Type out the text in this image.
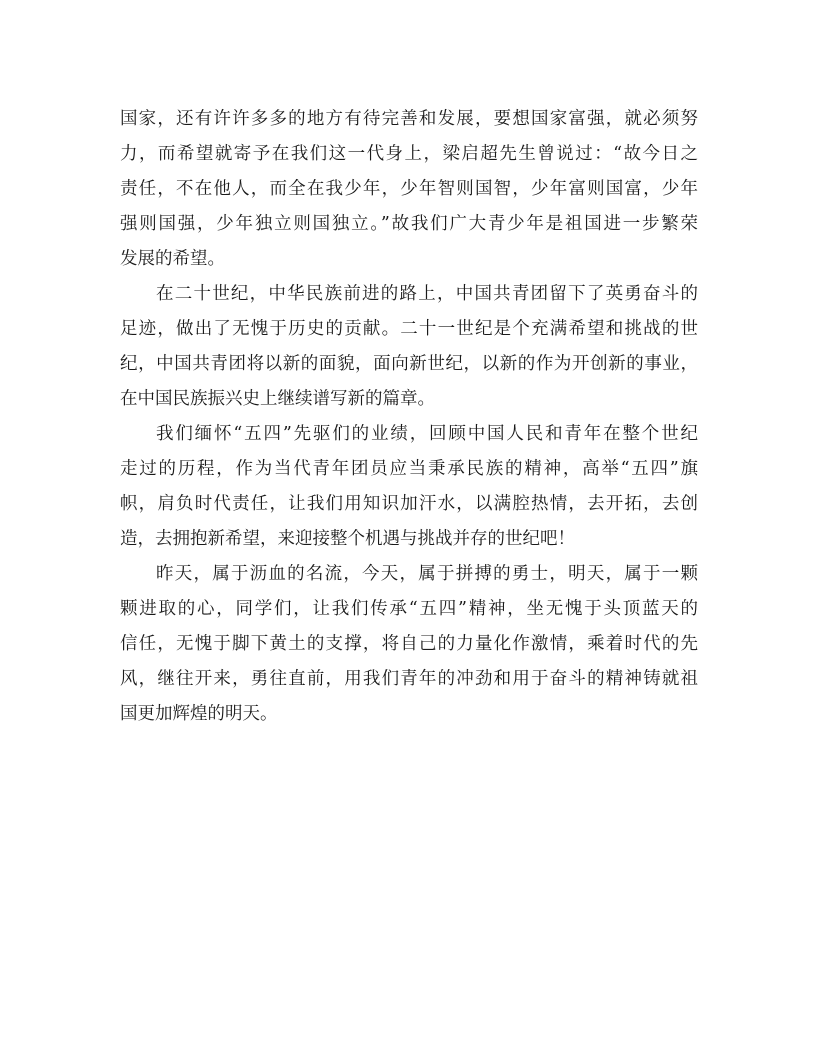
国家，还有许许多多的地方有待完善和发展，要想国家富强，就必须努
力，而希望就寄予在我们这一代身上，梁启超先生曾说过：“故今日之
责任，不在他人，而全在我少年，少年智则国智，少年富则国富，少年
强则国强，少年独立则国独立。”故我们广大青少年是祖国进一步繁荣
发展的希望。
在二十世纪，中华民族前进的路上，中国共青团留下了英勇奋斗的
足迹，做出了无愧于历史的贡献。二十一世纪是个充满希望和挑战的世
纪，中国共青团将以新的面貌，面向新世纪，以新的作为开创新的事业，
在中国民族振兴史上继续谱写新的篇章。
我们缅怀“五四”先驱们的业绩，回顾中国人民和青年在整个世纪
走过的历程，作为当代青年团员应当秉承民族的精神，高举“五四”旗
帜，肩负时代责任，让我们用知识加汗水，以满腔热情，去开拓，去创
造，去拥抱新希望，来迎接整个机遇与挑战并存的世纪吧！
昨天，属于沥血的名流，今天，属于拼搏的勇士，明天，属于一颗
颗进取的心，同学们，让我们传承“五四”精神，坐无愧于头顶蓝天的
信任，无愧于脚下黄土的支撑，将自己的力量化作激情，乘着时代的先
风，继往开来，勇往直前，用我们青年的冲劲和用于奋斗的精神铸就祖
国更加辉煌的明天。
